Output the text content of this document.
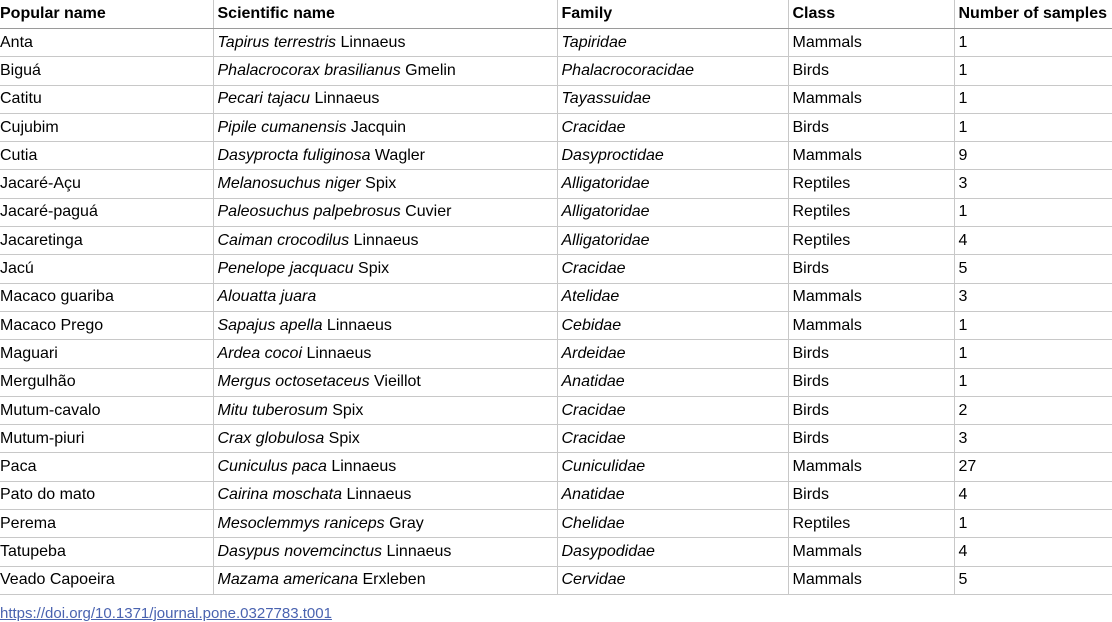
Popular name	Scientific name	Family	Class	Number of samples
Anta	Tapirus terrestris Linnaeus	Tapiridae	Mammals	1
Biguá	Phalacrocorax brasilianus Gmelin	Phalacrocoracidae	Birds	1
Catitu	Pecari tajacu Linnaeus	Tayassuidae	Mammals	1
Cujubim	Pipile cumanensis Jacquin	Cracidae	Birds	1
Cutia	Dasyprocta fuliginosa Wagler	Dasyproctidae	Mammals	9
Jacaré-Açu	Melanosuchus niger Spix	Alligatoridae	Reptiles	3
Jacaré-paguá	Paleosuchus palpebrosus Cuvier	Alligatoridae	Reptiles	1
Jacaretinga	Caiman crocodilus Linnaeus	Alligatoridae	Reptiles	4
Jacú	Penelope jacquacu Spix	Cracidae	Birds	5
Macaco guariba	Alouatta juara	Atelidae	Mammals	3
Macaco Prego	Sapajus apella Linnaeus	Cebidae	Mammals	1
Maguari	Ardea cocoi Linnaeus	Ardeidae	Birds	1
Mergulhão	Mergus octosetaceus Vieillot	Anatidae	Birds	1
Mutum-cavalo	Mitu tuberosum Spix	Cracidae	Birds	2
Mutum-piuri	Crax globulosa Spix	Cracidae	Birds	3
Paca	Cuniculus paca Linnaeus	Cuniculidae	Mammals	27
Pato do mato	Cairina moschata Linnaeus	Anatidae	Birds	4
Perema	Mesoclemmys raniceps Gray	Chelidae	Reptiles	1
Tatupeba	Dasypus novemcinctus Linnaeus	Dasypodidae	Mammals	4
Veado Capoeira	Mazama americana Erxleben	Cervidae	Mammals	5
https://doi.org/10.1371/journal.pone.0327783.t001
